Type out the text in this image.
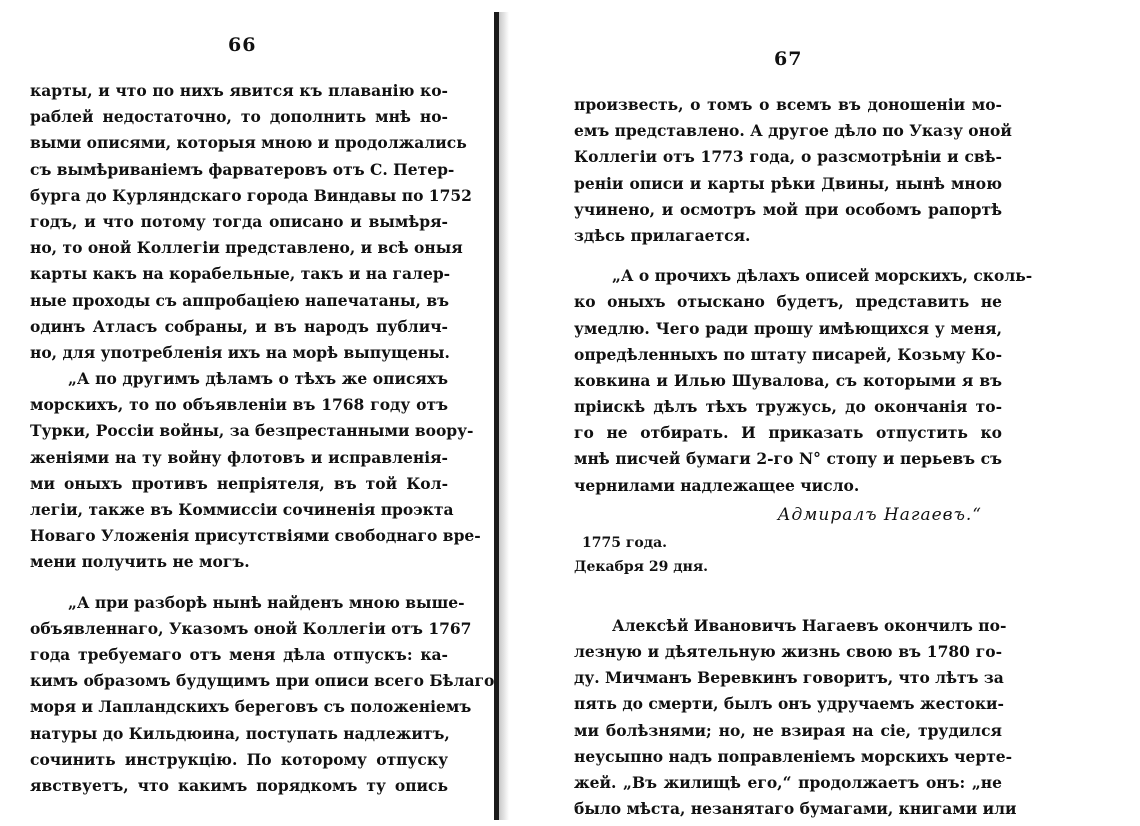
66
карты, и что по нихъ явится къ плаванію ко-
раблей недостаточно, то дополнить мнѣ но-
выми описями, которыя мною и продолжались
съ вымѣриваніемъ фарватеровъ отъ С. Петер-
бурга до Курляндскаго города Виндавы по 1752
годъ, и что потому тогда описано и вымѣря-
но, то оной Коллегіи представлено, и всѣ оныя
карты какъ на корабельные, такъ и на галер-
ные проходы съ аппробаціею напечатаны, въ
одинъ Атласъ собраны, и въ народъ публич-
но, для употребленія ихъ на морѣ выпущены.
„А по другимъ дѣламъ о тѣхъ же описяхъ
морскихъ, то по объявленіи въ 1768 году отъ
Турки, Россіи войны, за безпрестанными воору-
женіями на ту войну флотовъ и исправленія-
ми оныхъ противъ непріятеля, въ той Кол-
легіи, также въ Коммиссіи сочиненія проэкта
Новаго Уложенія присутствіями свободнаго вре-
мени получить не могъ.
„А при разборѣ нынѣ найденъ мною выше-
объявленнаго, Указомъ оной Коллегіи отъ 1767
года требуемаго отъ меня дѣла отпускъ: ка-
кимъ образомъ будущимъ при описи всего Бѣлаго
моря и Лапландскихъ береговъ съ положеніемъ
натуры до Кильдюина, поступать надлежитъ,
сочинить инструкцію. По которому отпуску
явствуетъ, что какимъ порядкомъ ту опись
67
произвесть, о томъ о всемъ въ доношеніи мо-
емъ представлено. А другое дѣло по Указу оной
Коллегіи отъ 1773 года, о разсмотрѣніи и свѣ-
реніи описи и карты рѣки Двины, нынѣ мною
учинено, и осмотръ мой при особомъ рапортѣ
здѣсь прилагается.
„А о прочихъ дѣлахъ описей морскихъ, сколь-
ко оныхъ отыскано будетъ, представить не
умедлю. Чего ради прошу имѣющихся у меня,
опредѣленныхъ по штату писарей, Козьму Ко-
ковкина и Илью Шувалова, съ которыми я въ
пріискѣ дѣлъ тѣхъ тружусь, до окончанія то-
го не отбирать. И приказать отпустить ко
мнѣ писчей бумаги 2-го N° стопу и перьевъ съ
чернилами надлежащее число.
Адмиралъ Нагаевъ.“
1775 года.
Декабря 29 дня.
Алексѣй Ивановичъ Нагаевъ окончилъ по-
лезную и дѣятельную жизнь свою въ 1780 го-
ду. Мичманъ Веревкинъ говоритъ, что лѣтъ за
пять до смерти, былъ онъ удручаемъ жестоки-
ми болѣзнями; но, не взирая на сіе, трудился
неусыпно надъ поправленіемъ морскихъ черте-
жей. „Въ жилищѣ его,“ продолжаетъ онъ: „не
было мѣста, незанятаго бумагами, книгами или
